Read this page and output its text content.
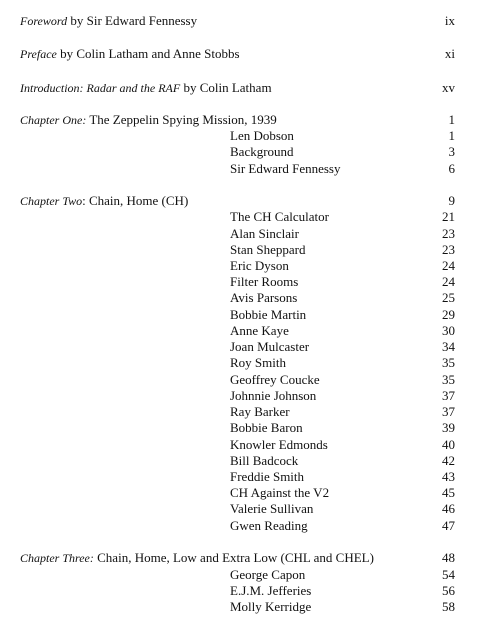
Foreword by Sir Edward Fennessy	ix
Preface by Colin Latham and Anne Stobbs	xi
Introduction: Radar and the RAF by Colin Latham	xv
Chapter One: The Zeppelin Spying Mission, 1939	1
Len Dobson	1
Background	3
Sir Edward Fennessy	6
Chapter Two: Chain, Home (CH)	9
The CH Calculator	21
Alan Sinclair	23
Stan Sheppard	23
Eric Dyson	24
Filter Rooms	24
Avis Parsons	25
Bobbie Martin	29
Anne Kaye	30
Joan Mulcaster	34
Roy Smith	35
Geoffrey Coucke	35
Johnnie Johnson	37
Ray Barker	37
Bobbie Baron	39
Knowler Edmonds	40
Bill Badcock	42
Freddie Smith	43
CH Against the V2	45
Valerie Sullivan	46
Gwen Reading	47
Chapter Three: Chain, Home, Low and Extra Low (CHL and CHEL)	48
George Capon	54
E.J.M. Jefferies	56
Molly Kerridge	58
